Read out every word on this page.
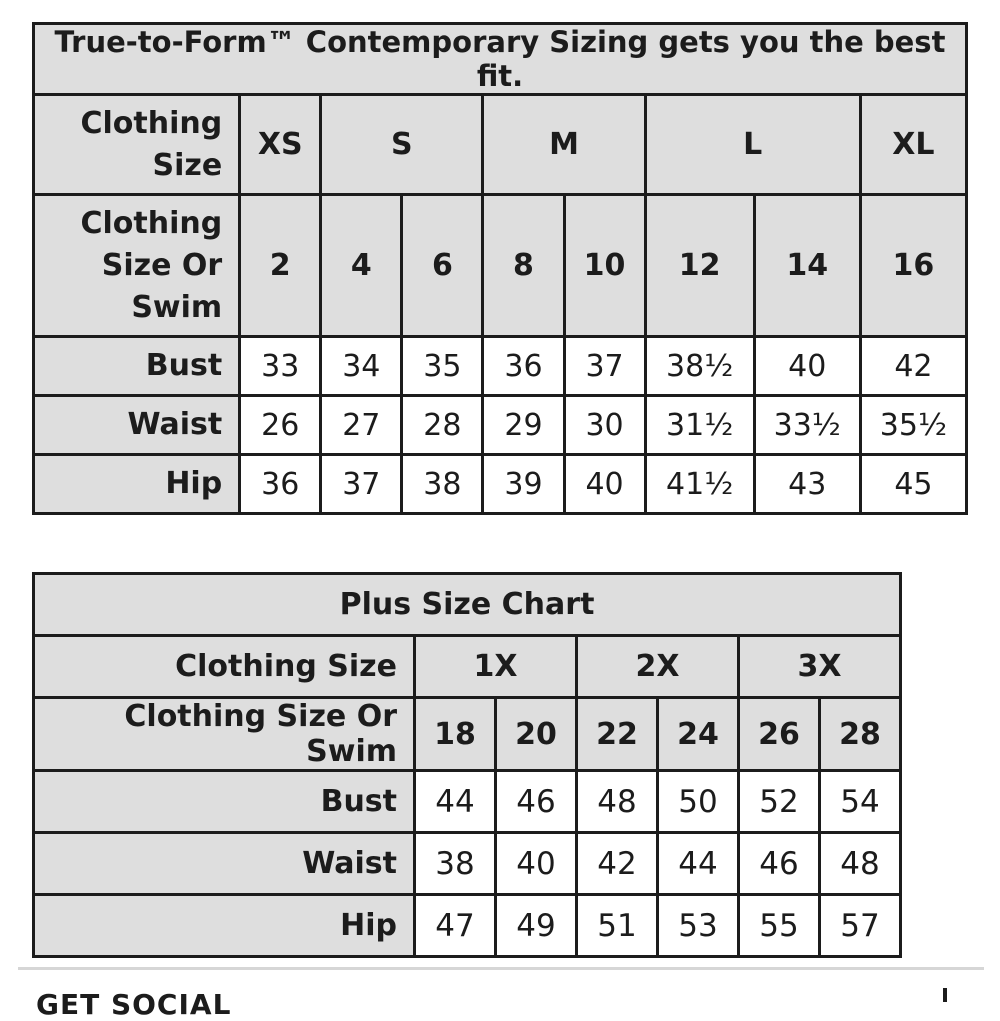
True-to-Form™ Contemporary Sizing gets you the best fit.								
Clothing Size	XS	S		M		L		XL
Clothing Size Or Swim	2	4	6	8	10	12	14	16
Bust	33	34	35	36	37	38½	40	42
Waist	26	27	28	29	30	31½	33½	35½
Hip	36	37	38	39	40	41½	43	45
Plus Size Chart						
Clothing Size	1X		2X		3X	
Clothing Size Or Swim	18	20	22	24	26	28
Bust	44	46	48	50	52	54
Waist	38	40	42	44	46	48
Hip	47	49	51	53	55	57
GET SOCIAL
